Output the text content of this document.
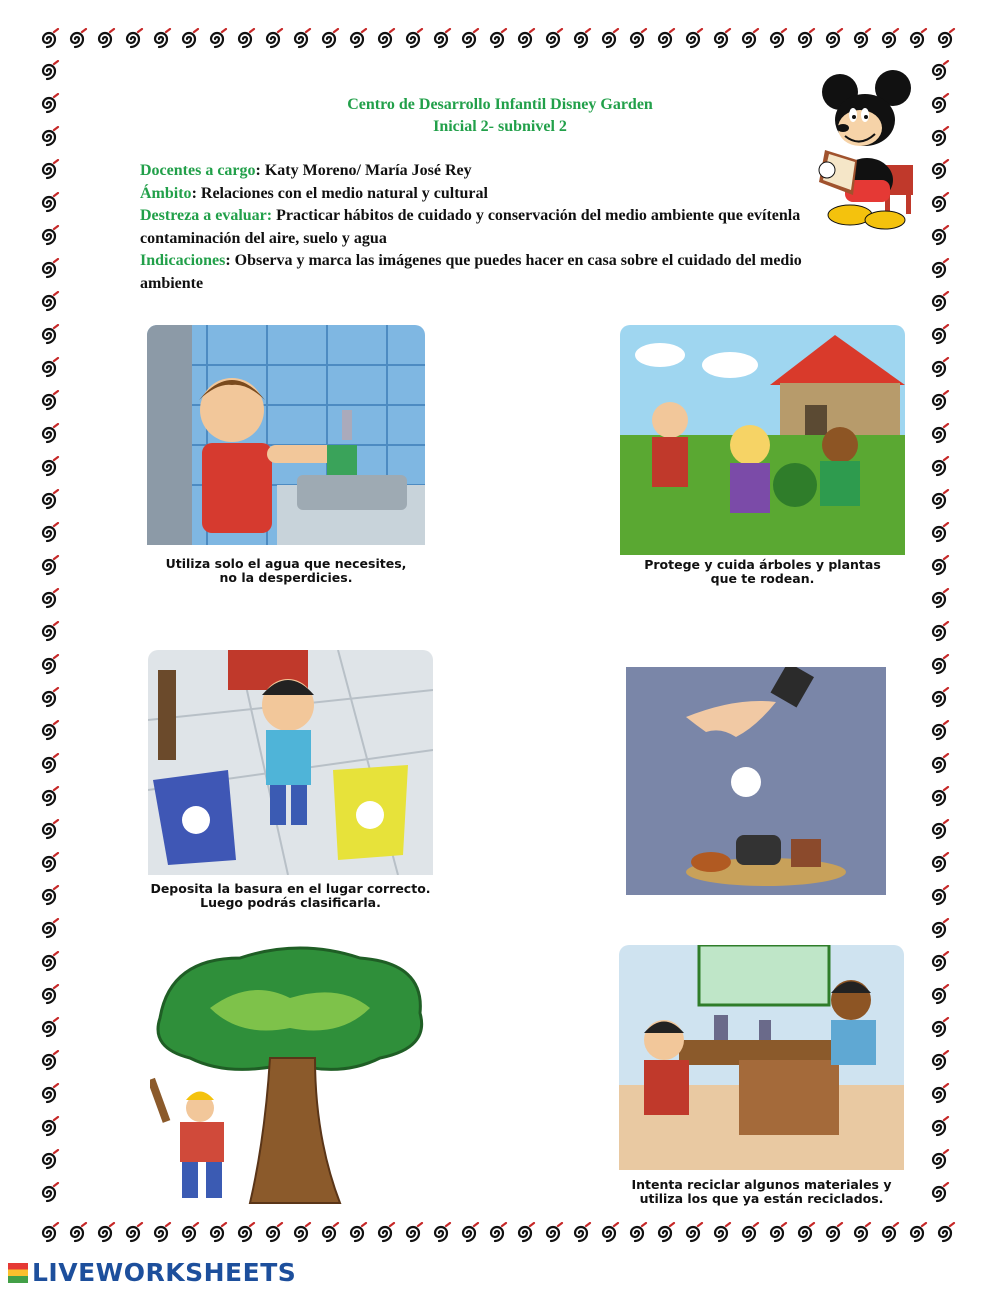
Centro de Desarrollo Infantil Disney Garden
Inicial 2- subnivel 2
Docentes a cargo: Katy Moreno/ María José Rey
Ámbito: Relaciones con el medio natural y cultural
Destreza a evaluar: Practicar hábitos de cuidado y conservación del medio ambiente que evítenla contaminación del aire, suelo y agua
Indicaciones: Observa y marca las imágenes que puedes hacer en casa sobre el cuidado del medio ambiente
Utiliza solo el agua que necesites,
no la desperdicies.
Protege y cuida árboles y plantas
que te rodean.
Deposita la basura en el lugar correcto.
Luego podrás clasificarla.
Intenta reciclar algunos materiales y
utiliza los que ya están reciclados.
LIVEWORKSHEETS
